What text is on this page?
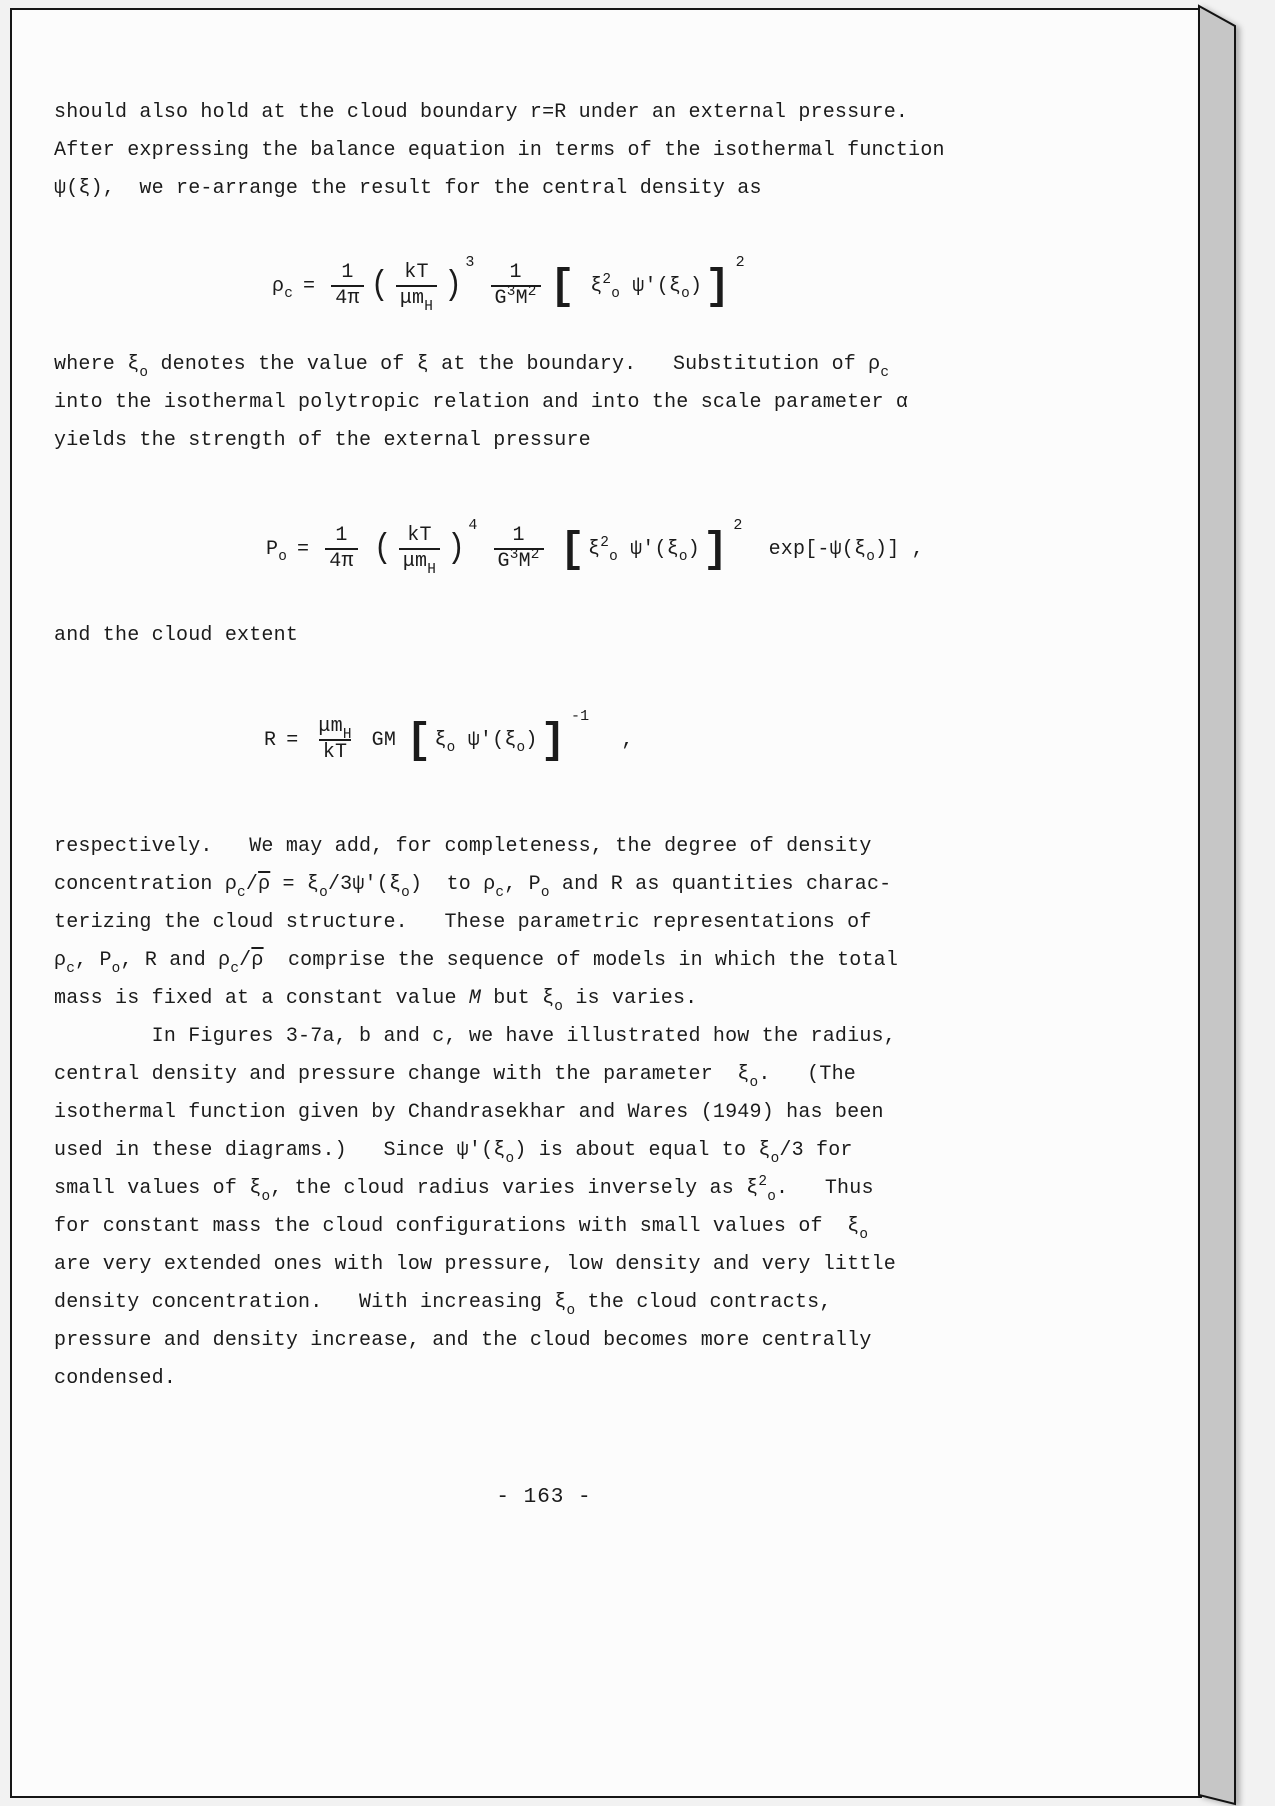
should also hold at the cloud boundary r=R under an external pressure.
After expressing the balance equation in terms of the isothermal function
ψ(ξ),  we re-arrange the result for the central density as
$\rho_c = \frac{1}{4\pi}$ ( $\frac{kT}{\mu m_H}$ )
$3 \frac{1}{G^3M^2}$ [ $\xi^2_o$ $\psi'(\xi_o)$ ]
2
where $\xi_o$ denotes the value of ξ at the boundary.   Substitution of $\rho_c$
into the isothermal polytropic relation and into the scale parameter α
yields the strength of the external pressure
$P_o = \frac{1}{4\pi}$ ( $\frac{kT}{\mu m_H}$ )
$4 \frac{1}{G^3M^2}$ [ $\xi^2_o$ $\psi'(\xi_o)$ ]
2
$\exp[-\psi(\xi_o)]$ ,
and the cloud extent
$R = \frac{\mu m_H}{kT}$ GM [ $\xi_o$ $\psi'(\xi_o)$ ]
-1
,
respectively.   We may add, for completeness, the degree of density
concentration $\rho_c/\overline{\rho} = \xi_o/3\psi'(\xi_o)$  to $\rho_c$, $P_o$ and R as quantities charac-
terizing the cloud structure.   These parametric representations of
$\rho_c$, $P_o$, R and $\rho_c/\overline{\rho}$  comprise the sequence of models in which the total
mass is fixed at a constant value M but $\xi_o$ is varies.
In Figures 3-7a, b and c, we have illustrated how the radius,
central density and pressure change with the parameter  $\xi_o$.   (The
isothermal function given by Chandrasekhar and Wares (1949) has been
used in these diagrams.)   Since $\psi'(\xi_o)$ is about equal to $\xi_o/3$ for
small values of $\xi_o$, the cloud radius varies inversely as $\xi^2_o$.   Thus
for constant mass the cloud configurations with small values of  $\xi_o$
are very extended ones with low pressure, low density and very little
density concentration.   With increasing $\xi_o$ the cloud contracts,
pressure and density increase, and the cloud becomes more centrally
condensed.
- 163 -
